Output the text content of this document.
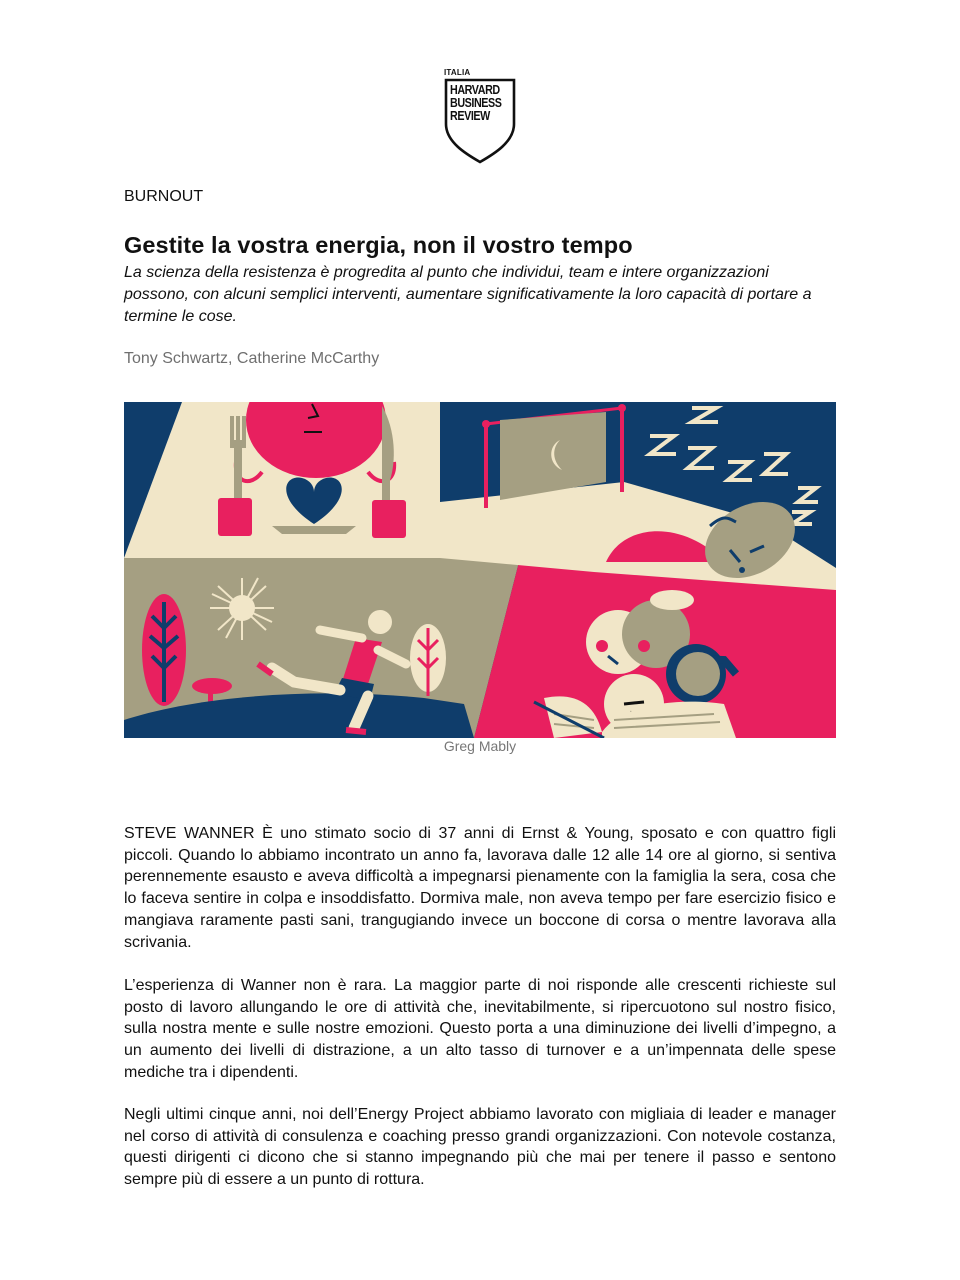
ITALIA
HARVARD
BUSINESS
REVIEW
BURNOUT
Gestite la vostra energia, non il vostro tempo

La scienza della resistenza è progredita al punto che individui, team e intere organizzazioni possono, con alcuni semplici interventi, aumentare significativamente la loro capacità di portare a termine le cose.

Tony Schwartz, Catherine McCarthy
Greg Mably

STEVE WANNER È uno stimato socio di 37 anni di Ernst & Young, sposato e con quattro figli piccoli. Quando lo abbiamo incontrato un anno fa, lavorava dalle 12 alle 14 ore al giorno, si sentiva perennemente esausto e aveva difficoltà a impegnarsi pienamente con la famiglia la sera, cosa che lo faceva sentire in colpa e insoddisfatto. Dormiva male, non aveva tempo per fare esercizio fisico e mangiava raramente pasti sani, trangugiando invece un boccone di corsa o mentre lavorava alla scrivania.

L’esperienza di Wanner non è rara. La maggior parte di noi risponde alle crescenti richieste sul posto di lavoro allungando le ore di attività che, inevitabilmente, si ripercuotono sul nostro fisico, sulla nostra mente e sulle nostre emozioni. Questo porta a una diminuzione dei livelli d’impegno, a un aumento dei livelli di distrazione, a un alto tasso di turnover e a un’impennata delle spese mediche tra i dipendenti.

Negli ultimi cinque anni, noi dell’Energy Project abbiamo lavorato con migliaia di leader e manager nel corso di attività di consulenza e coaching presso grandi organizzazioni. Con notevole costanza, questi dirigenti ci dicono che si stanno impegnando più che mai per tenere il passo e sentono sempre più di essere a un punto di rottura.
